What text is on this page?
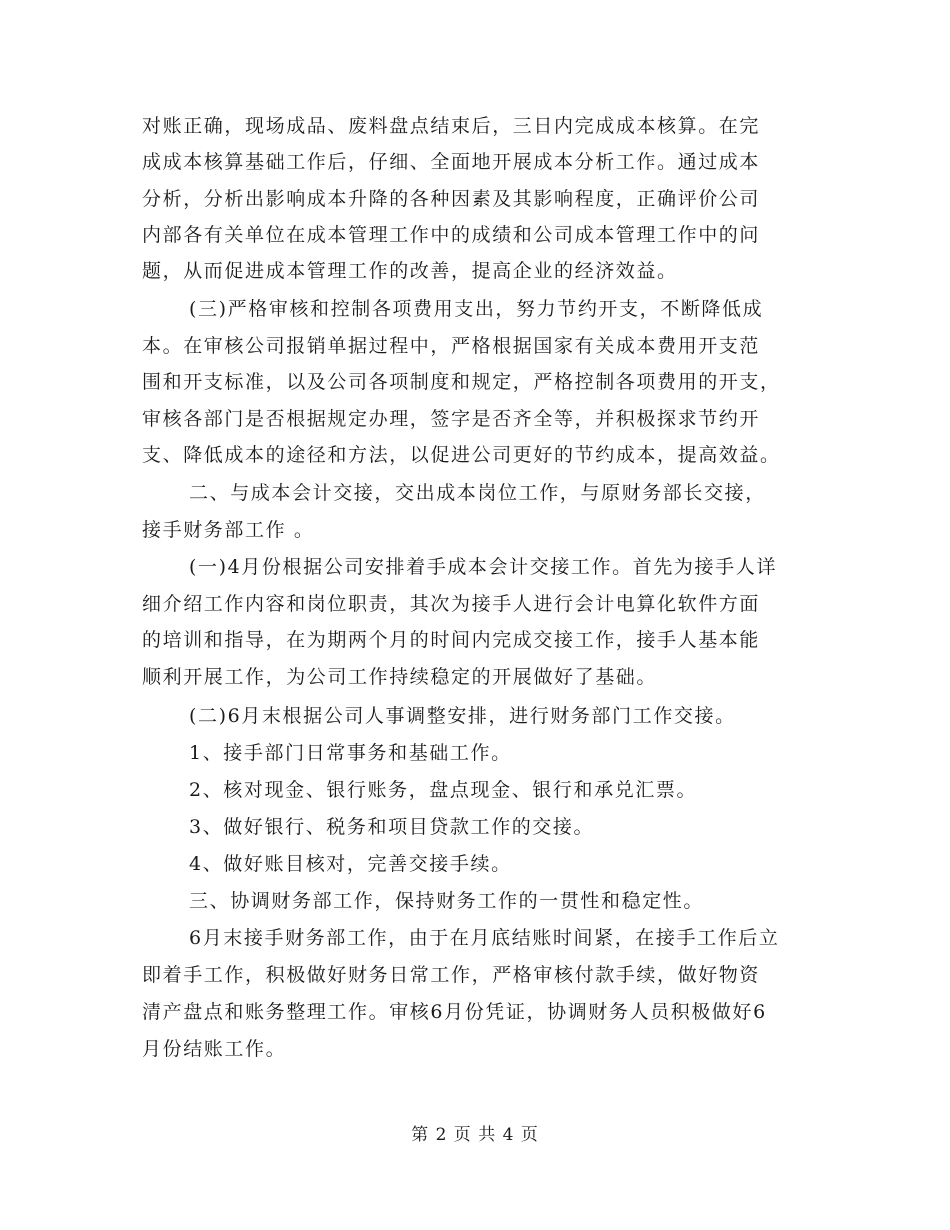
对账正确，现场成品、废料盘点结束后，三日内完成成本核算。在完
成成本核算基础工作后，仔细、全面地开展成本分析工作。通过成本
分析，分析出影响成本升降的各种因素及其影响程度，正确评价公司
内部各有关单位在成本管理工作中的成绩和公司成本管理工作中的问
题，从而促进成本管理工作的改善，提高企业的经济效益。
(三)严格审核和控制各项费用支出，努力节约开支，不断降低成
本。在审核公司报销单据过程中，严格根据国家有关成本费用开支范
围和开支标准，以及公司各项制度和规定，严格控制各项费用的开支，
审核各部门是否根据规定办理，签字是否齐全等，并积极探求节约开
支、降低成本的途径和方法，以促进公司更好的节约成本，提高效益。
二、与成本会计交接，交出成本岗位工作，与原财务部长交接，
接手财务部工作 。
(一)4月份根据公司安排着手成本会计交接工作。首先为接手人详
细介绍工作内容和岗位职责，其次为接手人进行会计电算化软件方面
的培训和指导，在为期两个月的时间内完成交接工作，接手人基本能
顺利开展工作，为公司工作持续稳定的开展做好了基础。
(二)6月末根据公司人事调整安排，进行财务部门工作交接。
1、接手部门日常事务和基础工作。
2、核对现金、银行账务，盘点现金、银行和承兑汇票。
3、做好银行、税务和项目贷款工作的交接。
4、做好账目核对，完善交接手续。
三、协调财务部工作，保持财务工作的一贯性和稳定性。
6月末接手财务部工作，由于在月底结账时间紧，在接手工作后立
即着手工作，积极做好财务日常工作，严格审核付款手续，做好物资
清产盘点和账务整理工作。审核6月份凭证，协调财务人员积极做好6
月份结账工作。
第 2 页 共 4 页
